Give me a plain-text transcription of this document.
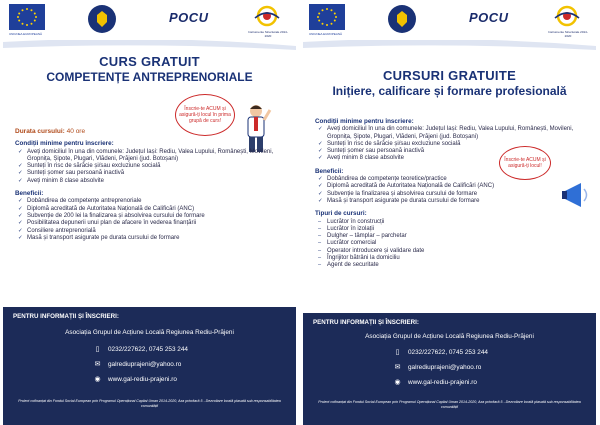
UNIUNEA EUROPEANĂ
POCU
Instrumente Structurale 2014-2020
CURS GRATUIT
COMPETENȚE ANTREPRENORIALE
Înscrie-te ACUM și asigură-ți locul în prima grupă de curs!
Durata cursului: 40 ore
Condiții minime pentru înscriere:
✓ Aveți domiciliul în una din comunele: Județul Iași: Rediu, Valea Lupului, Românești, Movileni, Gropnița, Șipote, Plugari, Vlădeni, Prăjeni (jud. Botoșani)
✓ Sunteți în risc de sărăcie și/sau excluziune socială
✓ Sunteți șomer sau persoană inactivă
✓ Aveți minim 8 clase absolvite
Beneficii:
✓ Dobândirea de competențe antreprenoriale
✓ Diplomă acreditată de Autoritatea Națională de Calificări (ANC)
✓ Subvenție de 200 lei la finalizarea și absolvirea cursului de formare
✓ Posibilitatea depunerii unui plan de afacere în vederea finanțării
✓ Consiliere antreprenorială
✓ Masă și transport asigurate pe durata cursului de formare
PENTRU INFORMAȚII ȘI ÎNSCRIERI:
Asociația Grupul de Acțiune Locală Regiunea Rediu-Prăjeni
▯	0232/227622, 0745 253 244
✉ galrediuprajeni@yahoo.ro
◉ www.gal-rediu-prajeni.ro
Proiect cofinanțat din Fondul Social European prin Programul Operațional Capital Uman 2014-2020, Axa prioritară 5 - Dezvoltare locală plasată sub responsabilitatea comunității
UNIUNEA EUROPEANĂ
POCU
Instrumente Structurale 2014-2020
CURSURI GRATUITE
Inițiere, calificare și formare profesională
Înscrie-te ACUM și asigură-ți locul!
Condiții minime pentru înscriere:
✓ Aveți domiciliul în una din comunele: Județul Iași: Rediu, Valea Lupului, Românești, Movileni, Gropnița, Șipote, Plugari, Vlădeni, Prăjeni (jud. Botoșani)
✓ Sunteți în risc de sărăcie și/sau excluziune socială
✓ Sunteți șomer sau persoană inactivă
✓ Aveți minim 8 clase absolvite
Beneficii:
✓ Dobândirea de competențe teoretice/practice
✓ Diplomă acreditată de Autoritatea Națională de Calificări (ANC)
✓ Subvenție la finalizarea și absolvirea cursului de formare
✓ Masă și transport asigurate pe durata cursului de formare
Tipuri de cursuri:
– Lucrător în construcții
– Lucrător în izolații
– Dulgher – tâmplar – parchetar
– Lucrător comercial
– Operator introducere și validare date
– Îngrijitor bătrâni la domiciliu
– Agent de securitate
PENTRU INFORMAȚII ȘI ÎNSCRIERI:
Asociația Grupul de Acțiune Locală Regiunea Rediu-Prăjeni
▯	0232/227622, 0745 253 244
✉ galrediuprajeni@yahoo.ro
◉ www.gal-rediu-prajeni.ro
Proiect cofinanțat din Fondul Social European prin Programul Operațional Capital Uman 2014-2020, Axa prioritară 5 - Dezvoltare locală plasată sub responsabilitatea comunității
